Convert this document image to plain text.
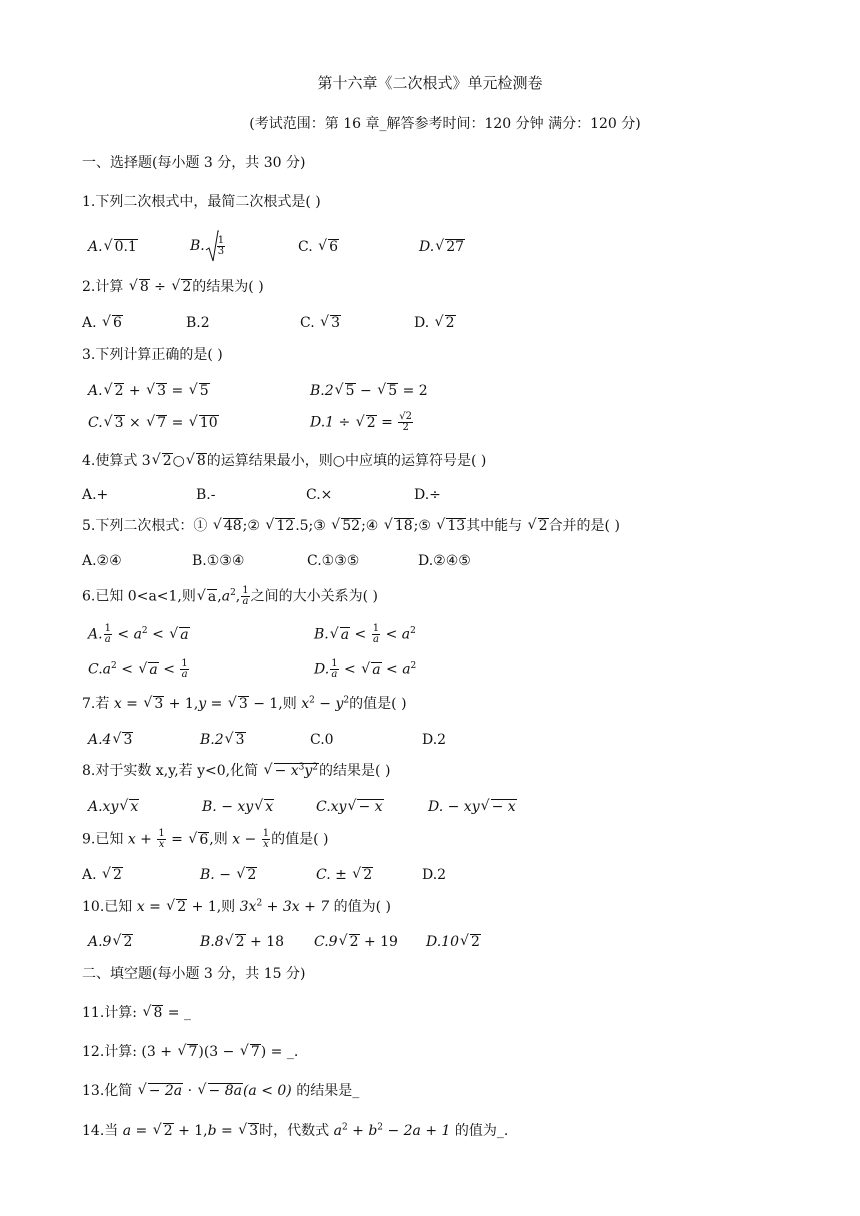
第十六章《二次根式》单元检测卷
(考试范围：第 16 章_解答参考时间：120 分钟 满分：120 分)
一、选择题(每小题 3 分，共 30 分)
1.下列二次根式中，最简二次根式是( )
A. √ 0.1	B. $\frac{1}{3}$	C. √ 6	D. √ 27
2.计算 √ 8 ÷ √ 2的结果为( )
A. √ 6	B.2	C. √ 3	D. √ 2
3.下列计算正确的是( )
A. √ 2 + √ 3 = √ 5	B.2 √ 5 − √ 5 = 2
C. √ 3 × √ 7 = √ 10	D.1 ÷ √ $2 = \frac{√2}{2}$
4.使算式 3 √ 2○ √ 8的运算结果最小，则○中应填的运算符号是( )
A.+	B.-	C.×	D.÷
5.下列二次根式：① √ 48;② √ 12.5;③ √ 52;④ √ 18;⑤ √ 13其中能与 √ 2合并的是( )
A.②④	B.①③④	C.①③⑤	D.②④⑤
6.已知 0<a<1,则 √ $a,a^2$, $\frac{1}{a}$ 之间的大小关系为( )
A. $\frac{1}{a} < a^2$ < √ a	B. √ $a < \frac{1}{a} < a^2$
$C.a^2$ < √ $a < \frac{1}{a}$	D. $\frac{1}{a}$ < √ $a < a^2$
7.若 x = √ 3 + 1,y = √ 3 − 1,则 $x^2 - y^2$的值是( )
A.4 √ 3	B.2 √ 3	C.0	D.2
8.对于实数 x,y,若 y<0,化简 √ − $x^3y^2$的结果是( )
A.xy √ x	B. − xy √ x	C.xy √ − x	D. − xy √ − x
9.已知 $x + \frac{1}{x}$ = √ 6,则 $x - \frac{1}{x}$ 的值是( )
A. √ 2	B. − √ 2	C. ± √ 2	D.2
10.已知 x = √ 2 + 1,则 $3x^2 + 3x + 7$ 的值为( )
A.9 √ 2	B.8 √ 2 + 18 C.9 √ 2 + 19 D.10 √ 2
二、填空题(每小题 3 分，共 15 分)
11.计算: √ 8 = _
12.计算: (3 + √ 7)(3 − √ 7) = _.
13.化简 √ − 2a · √ − 8a(a < 0) 的结果是_
14.当 a = √ 2 + 1,b = √ 3时，代数式 $a^2 + b^2 - 2a + 1$ 的值为_.
